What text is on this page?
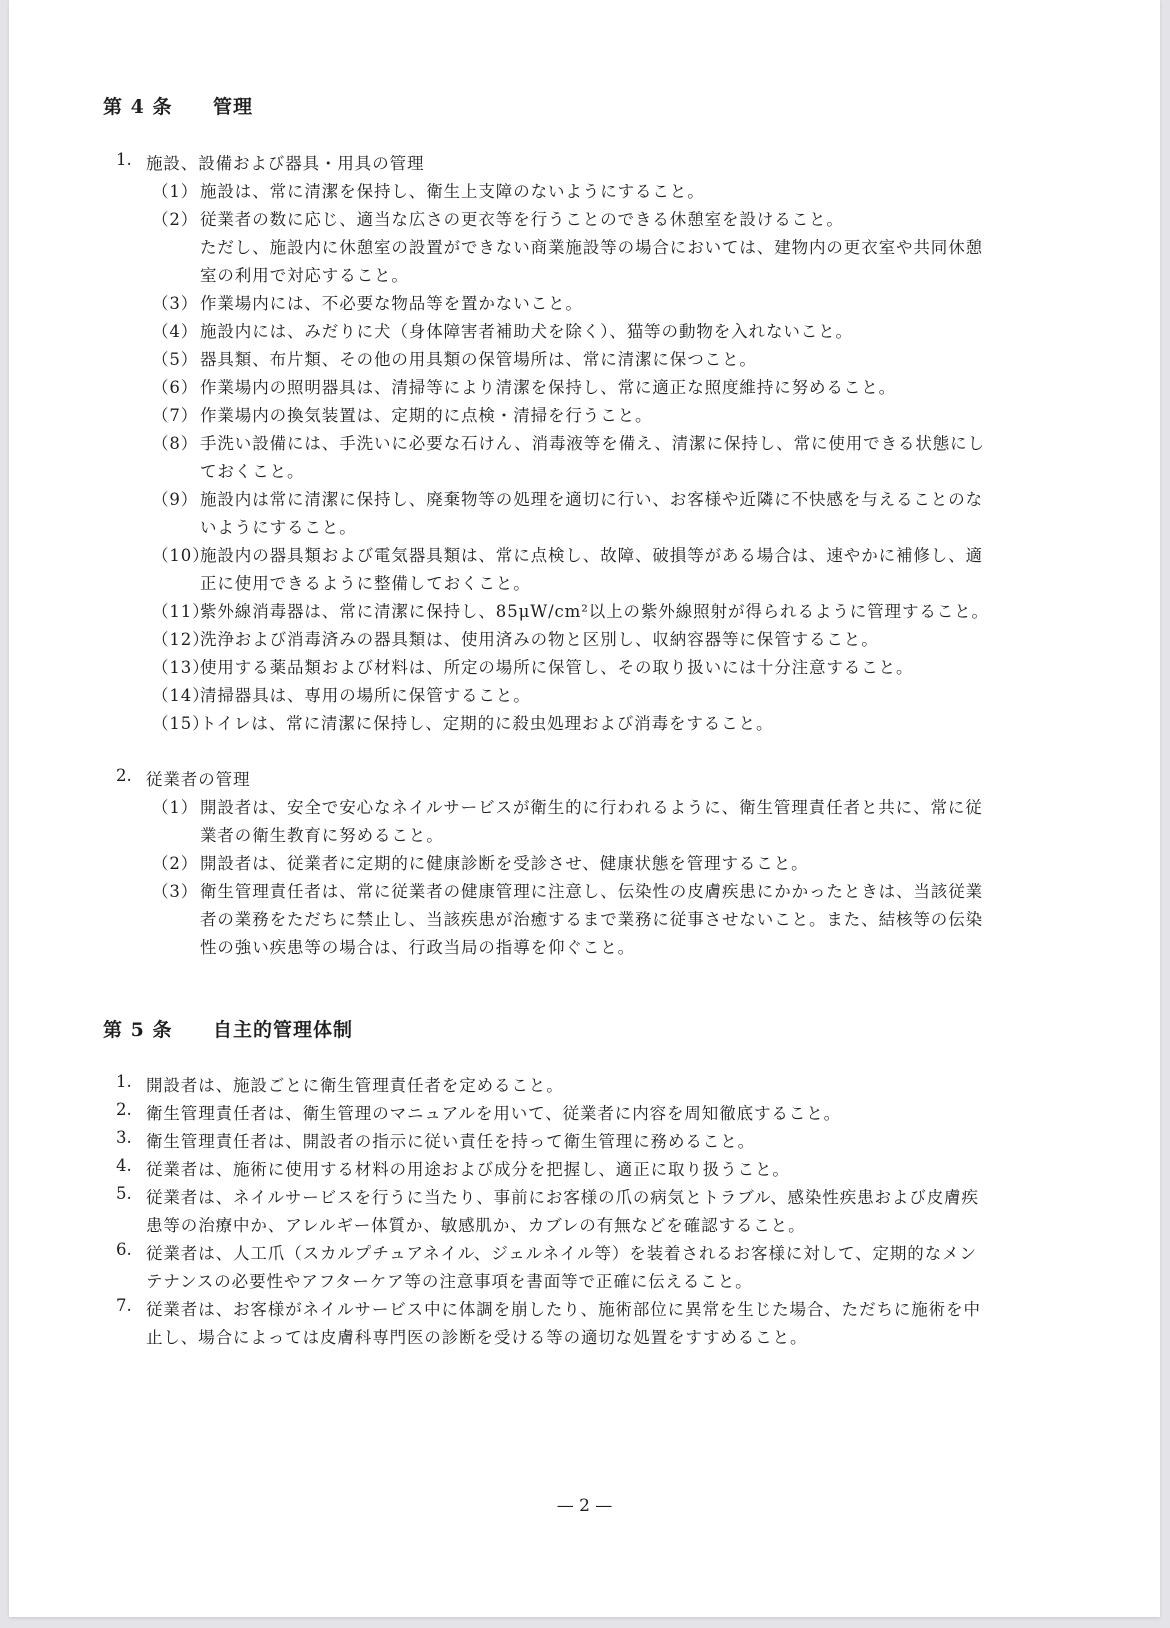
第 4 条 管理
1. 施設、設備および器具・用具の管理
（1） 施設は、常に清潔を保持し、衛生上支障のないようにすること。
（2） 従業者の数に応じ、適当な広さの更衣等を行うことのできる休憩室を設けること。
ただし、施設内に休憩室の設置ができない商業施設等の場合においては、建物内の更衣室や共同休憩
室の利用で対応すること。
（3） 作業場内には、不必要な物品等を置かないこと。
（4） 施設内には、みだりに犬（身体障害者補助犬を除く）、猫等の動物を入れないこと。
（5） 器具類、布片類、その他の用具類の保管場所は、常に清潔に保つこと。
（6） 作業場内の照明器具は、清掃等により清潔を保持し、常に適正な照度維持に努めること。
（7） 作業場内の換気装置は、定期的に点検・清掃を行うこと。
（8） 手洗い設備には、手洗いに必要な石けん、消毒液等を備え、清潔に保持し、常に使用できる状態にし
ておくこと。
（9） 施設内は常に清潔に保持し、廃棄物等の処理を適切に行い、お客様や近隣に不快感を与えることのな
いようにすること。
（10）
施設内の器具類および電気器具類は、常に点検し、故障、破損等がある場合は、速やかに補修し、適
正に使用できるように整備しておくこと。
（11）
紫外線消毒器は、常に清潔に保持し、85μW/cm²以上の紫外線照射が得られるように管理すること。
（12）
洗浄および消毒済みの器具類は、使用済みの物と区別し、収納容器等に保管すること。
（13）
使用する薬品類および材料は、所定の場所に保管し、その取り扱いには十分注意すること。
（14）
清掃器具は、専用の場所に保管すること。
（15）
トイレは、常に清潔に保持し、定期的に殺虫処理および消毒をすること。
2. 従業者の管理
（1） 開設者は、安全で安心なネイルサービスが衛生的に行われるように、衛生管理責任者と共に、常に従
業者の衛生教育に努めること。
（2） 開設者は、従業者に定期的に健康診断を受診させ、健康状態を管理すること。
（3） 衛生管理責任者は、常に従業者の健康管理に注意し、伝染性の皮膚疾患にかかったときは、当該従業
者の業務をただちに禁止し、当該疾患が治癒するまで業務に従事させないこと。また、結核等の伝染
性の強い疾患等の場合は、行政当局の指導を仰ぐこと。
第 5 条 自主的管理体制
1. 開設者は、施設ごとに衛生管理責任者を定めること。
2. 衛生管理責任者は、衛生管理のマニュアルを用いて、従業者に内容を周知徹底すること。
3. 衛生管理責任者は、開設者の指示に従い責任を持って衛生管理に務めること。
4. 従業者は、施術に使用する材料の用途および成分を把握し、適正に取り扱うこと。
5. 従業者は、ネイルサービスを行うに当たり、事前にお客様の爪の病気とトラブル、感染性疾患および皮膚疾
患等の治療中か、アレルギー体質か、敏感肌か、カブレの有無などを確認すること。
6. 従業者は、人工爪（スカルプチュアネイル、ジェルネイル等）を装着されるお客様に対して、定期的なメン
テナンスの必要性やアフターケア等の注意事項を書面等で正確に伝えること。
7. 従業者は、お客様がネイルサービス中に体調を崩したり、施術部位に異常を生じた場合、ただちに施術を中
止し、場合によっては皮膚科専門医の診断を受ける等の適切な処置をすすめること。
— 2 —
